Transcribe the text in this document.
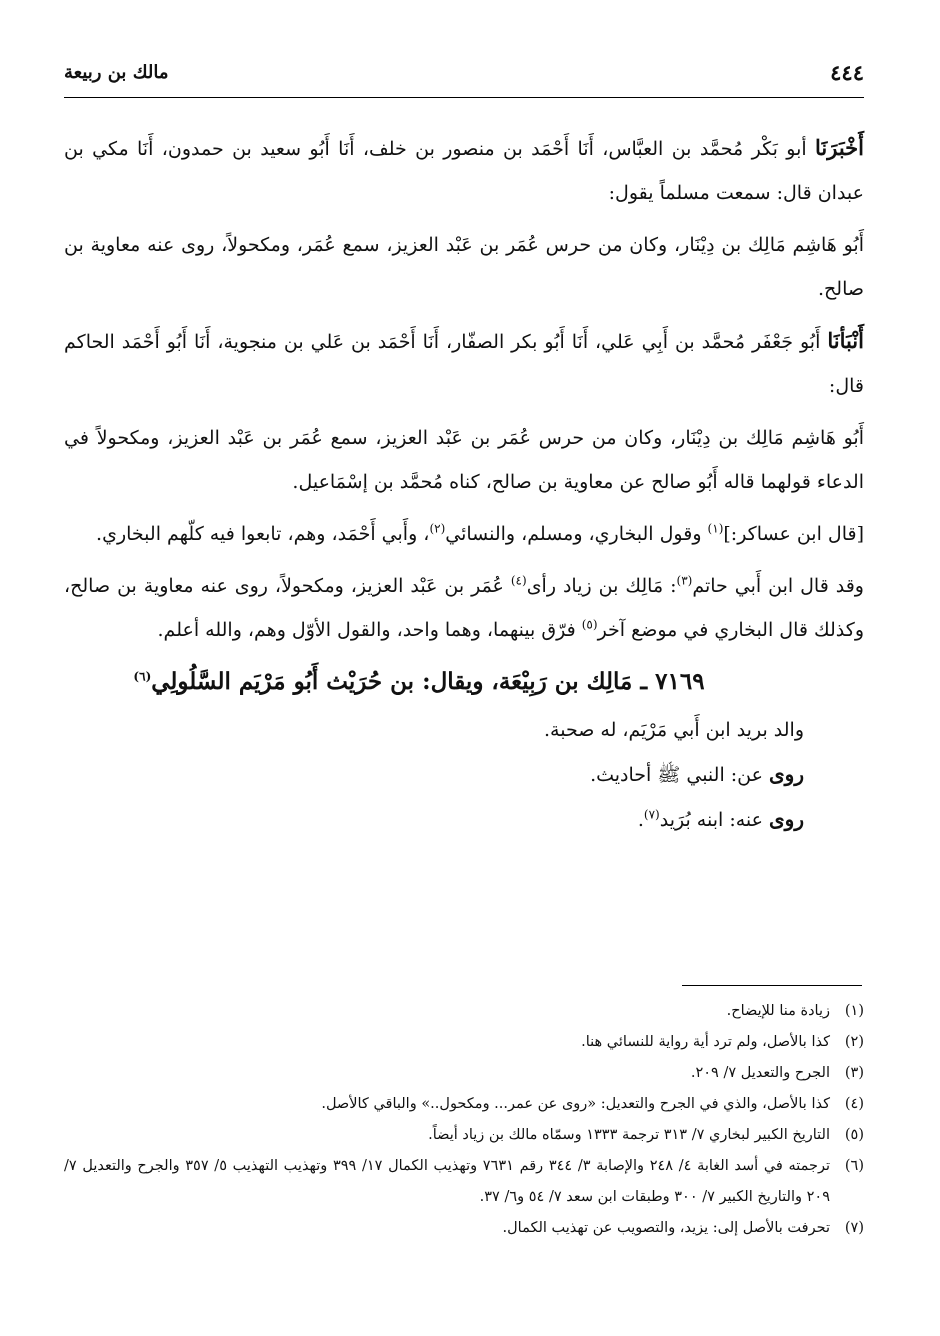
٤٤٤
مالك بن ربيعة

أَخْبَرَنَا أبو بَكْر مُحمَّد بن العبَّاس، أَنَا أَحْمَد بن منصور بن خلف، أَنَا أَبُو سعيد بن حمدون، أَنَا مكي بن عبدان قال: سمعت مسلماً يقول:

أَبُو هَاشِم مَالِك بن دِيْنَار، وكان من حرس عُمَر بن عَبْد العزيز، سمع عُمَر، ومكحولاً، روى عنه معاوية بن صالح.

أَنْبَأنَا أَبُو جَعْفَر مُحمَّد بن أَبِي عَلي، أَنَا أَبُو بكر الصفّار، أَنَا أَحْمَد بن عَلي بن منجوية، أَنَا أَبُو أَحْمَد الحاكم قال:

أَبُو هَاشِم مَالِك بن دِيْنَار، وكان من حرس عُمَر بن عَبْد العزيز، سمع عُمَر بن عَبْد العزيز، ومكحولاً في الدعاء قولهما قاله أَبُو صالح عن معاوية بن صالح، كناه مُحمَّد بن إسْمَاعيل.

[قال ابن عساكر:]$^{(١)}$ وقول البخاري، ومسلم، والنسائي$^{(٢)}$، وأَبي أَحْمَد، وهم، تابعوا فيه كلّهم البخاري.

وقد قال ابن أَبي حاتم$^{(٣)}$: مَالِك بن زياد رأى$^{(٤)}$ عُمَر بن عَبْد العزيز، ومكحولاً، روى عنه معاوية بن صالح، وكذلك قال البخاري في موضع آخر$^{(٥)}$ فرّق بينهما، وهما واحد، والقول الأوّل وهم، والله أعلم.

٧١٦٩ ـ مَالِك بن رَبِيْعَة، ويقال: بن حُرَيْث أَبُو مَرْيَم السَّلُولِي$^{(٦)}$

والد بريد ابن أَبي مَرْيَم، له صحبة.

روى عن: النبي ﷺ أحاديث.

روى عنه: ابنه بُرَيد$^{(٧)}$.

(١)
زيادة منا للإيضاح.
(٢)
كذا بالأصل، ولم ترد أية رواية للنسائي هنا.
(٣)
الجرح والتعديل ٧/ ٢٠٩.
(٤)
كذا بالأصل، والذي في الجرح والتعديل: «روى عن عمر... ومكحول..» والباقي كالأصل.
(٥)
التاريخ الكبير لبخاري ٧/ ٣١٣ ترجمة ١٣٣٣ وسمّاه مالك بن زياد أيضاً.
(٦)
ترجمته في أسد الغابة ٤/ ٢٤٨ والإصابة ٣/ ٣٤٤ رقم ٧٦٣١ وتهذيب الكمال ١٧/ ٣٩٩ وتهذيب التهذيب ٥/ ٣٥٧ والجرح والتعديل ٧/ ٢٠٩ والتاريخ الكبير ٧/ ٣٠٠ وطبقات ابن سعد ٧/ ٥٤ و٦/ ٣٧.
(٧)
تحرفت بالأصل إلى: يزيد، والتصويب عن تهذيب الكمال.
